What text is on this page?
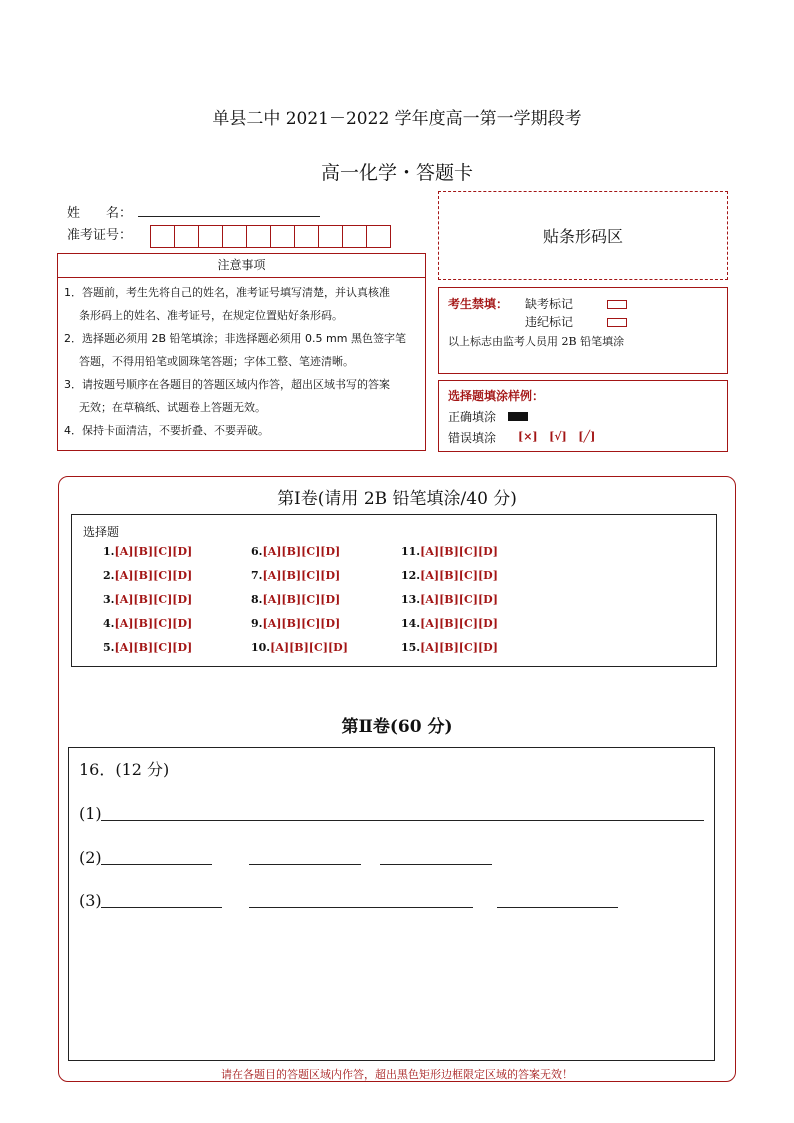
单县二中 2021－2022 学年度高一第一学期段考
高一化学・答题卡
姓　　名：
准考证号：	贴条形码区
注意事项
1．答题前，考生先将自己的姓名，准考证号填写清楚，并认真核准
条形码上的姓名、准考证号，在规定位置贴好条形码。
2．选择题必须用 2B 铅笔填涂；非选择题必须用 0.5 mm 黑色签字笔
答题，不得用铅笔或圆珠笔答题；字体工整、笔迹清晰。
3．请按题号顺序在各题目的答题区域内作答，超出区域书写的答案
无效；在草稿纸、试题卷上答题无效。
4．保持卡面清洁，不要折叠、不要弄破。
考生禁填： 缺考标记
违纪标记
以上标志由监考人员用 2B 铅笔填涂
选择题填涂样例：
正确填涂
错误填涂 [×]   [√]   [╱]
第Ⅰ卷(请用 2B 铅笔填涂/40 分)
选择题
1.[A][B][C][D]
2.[A][B][C][D]
3.[A][B][C][D]
4.[A][B][C][D]
5.[A][B][C][D]
6.[A][B][C][D]
7.[A][B][C][D]
8.[A][B][C][D]
9.[A][B][C][D]
10.[A][B][C][D]
11.[A][B][C][D]
12.[A][B][C][D]
13.[A][B][C][D]
14.[A][B][C][D]
15.[A][B][C][D]
第Ⅱ卷(60 分)
16．(12 分)
(1)
(2)
(3)
请在各题目的答题区域内作答，超出黑色矩形边框限定区域的答案无效！
